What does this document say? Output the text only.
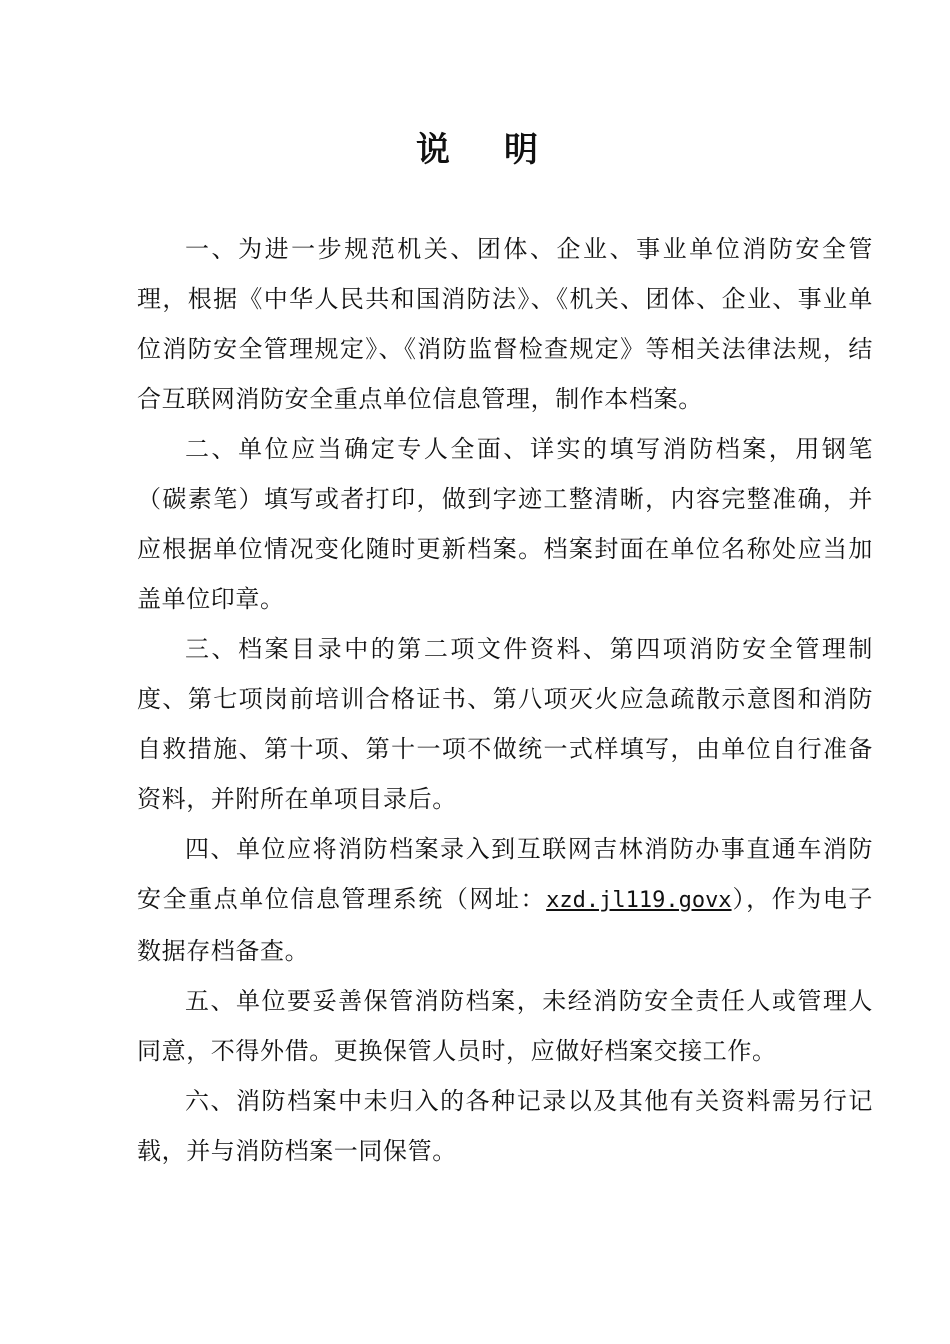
说明

一、为进一步规范机关、团体、企业、事业单位消防安全管理，根据《中华人民共和国消防法》、《机关、团体、企业、事业单位消防安全管理规定》、《消防监督检查规定》等相关法律法规，结合互联网消防安全重点单位信息管理，制作本档案。

二、单位应当确定专人全面、详实的填写消防档案，用钢笔（碳素笔）填写或者打印，做到字迹工整清晰，内容完整准确，并应根据单位情况变化随时更新档案。档案封面在单位名称处应当加盖单位印章。

三、档案目录中的第二项文件资料、第四项消防安全管理制度、第七项岗前培训合格证书、第八项灭火应急疏散示意图和消防自救措施、第十项、第十一项不做统一式样填写，由单位自行准备资料，并附所在单项目录后。

四、单位应将消防档案录入到互联网吉林消防办事直通车消防安全重点单位信息管理系统（网址：xzd.jl119.govx），作为电子数据存档备查。

五、单位要妥善保管消防档案，未经消防安全责任人或管理人同意，不得外借。更换保管人员时，应做好档案交接工作。

六、消防档案中未归入的各种记录以及其他有关资料需另行记载，并与消防档案一同保管。
